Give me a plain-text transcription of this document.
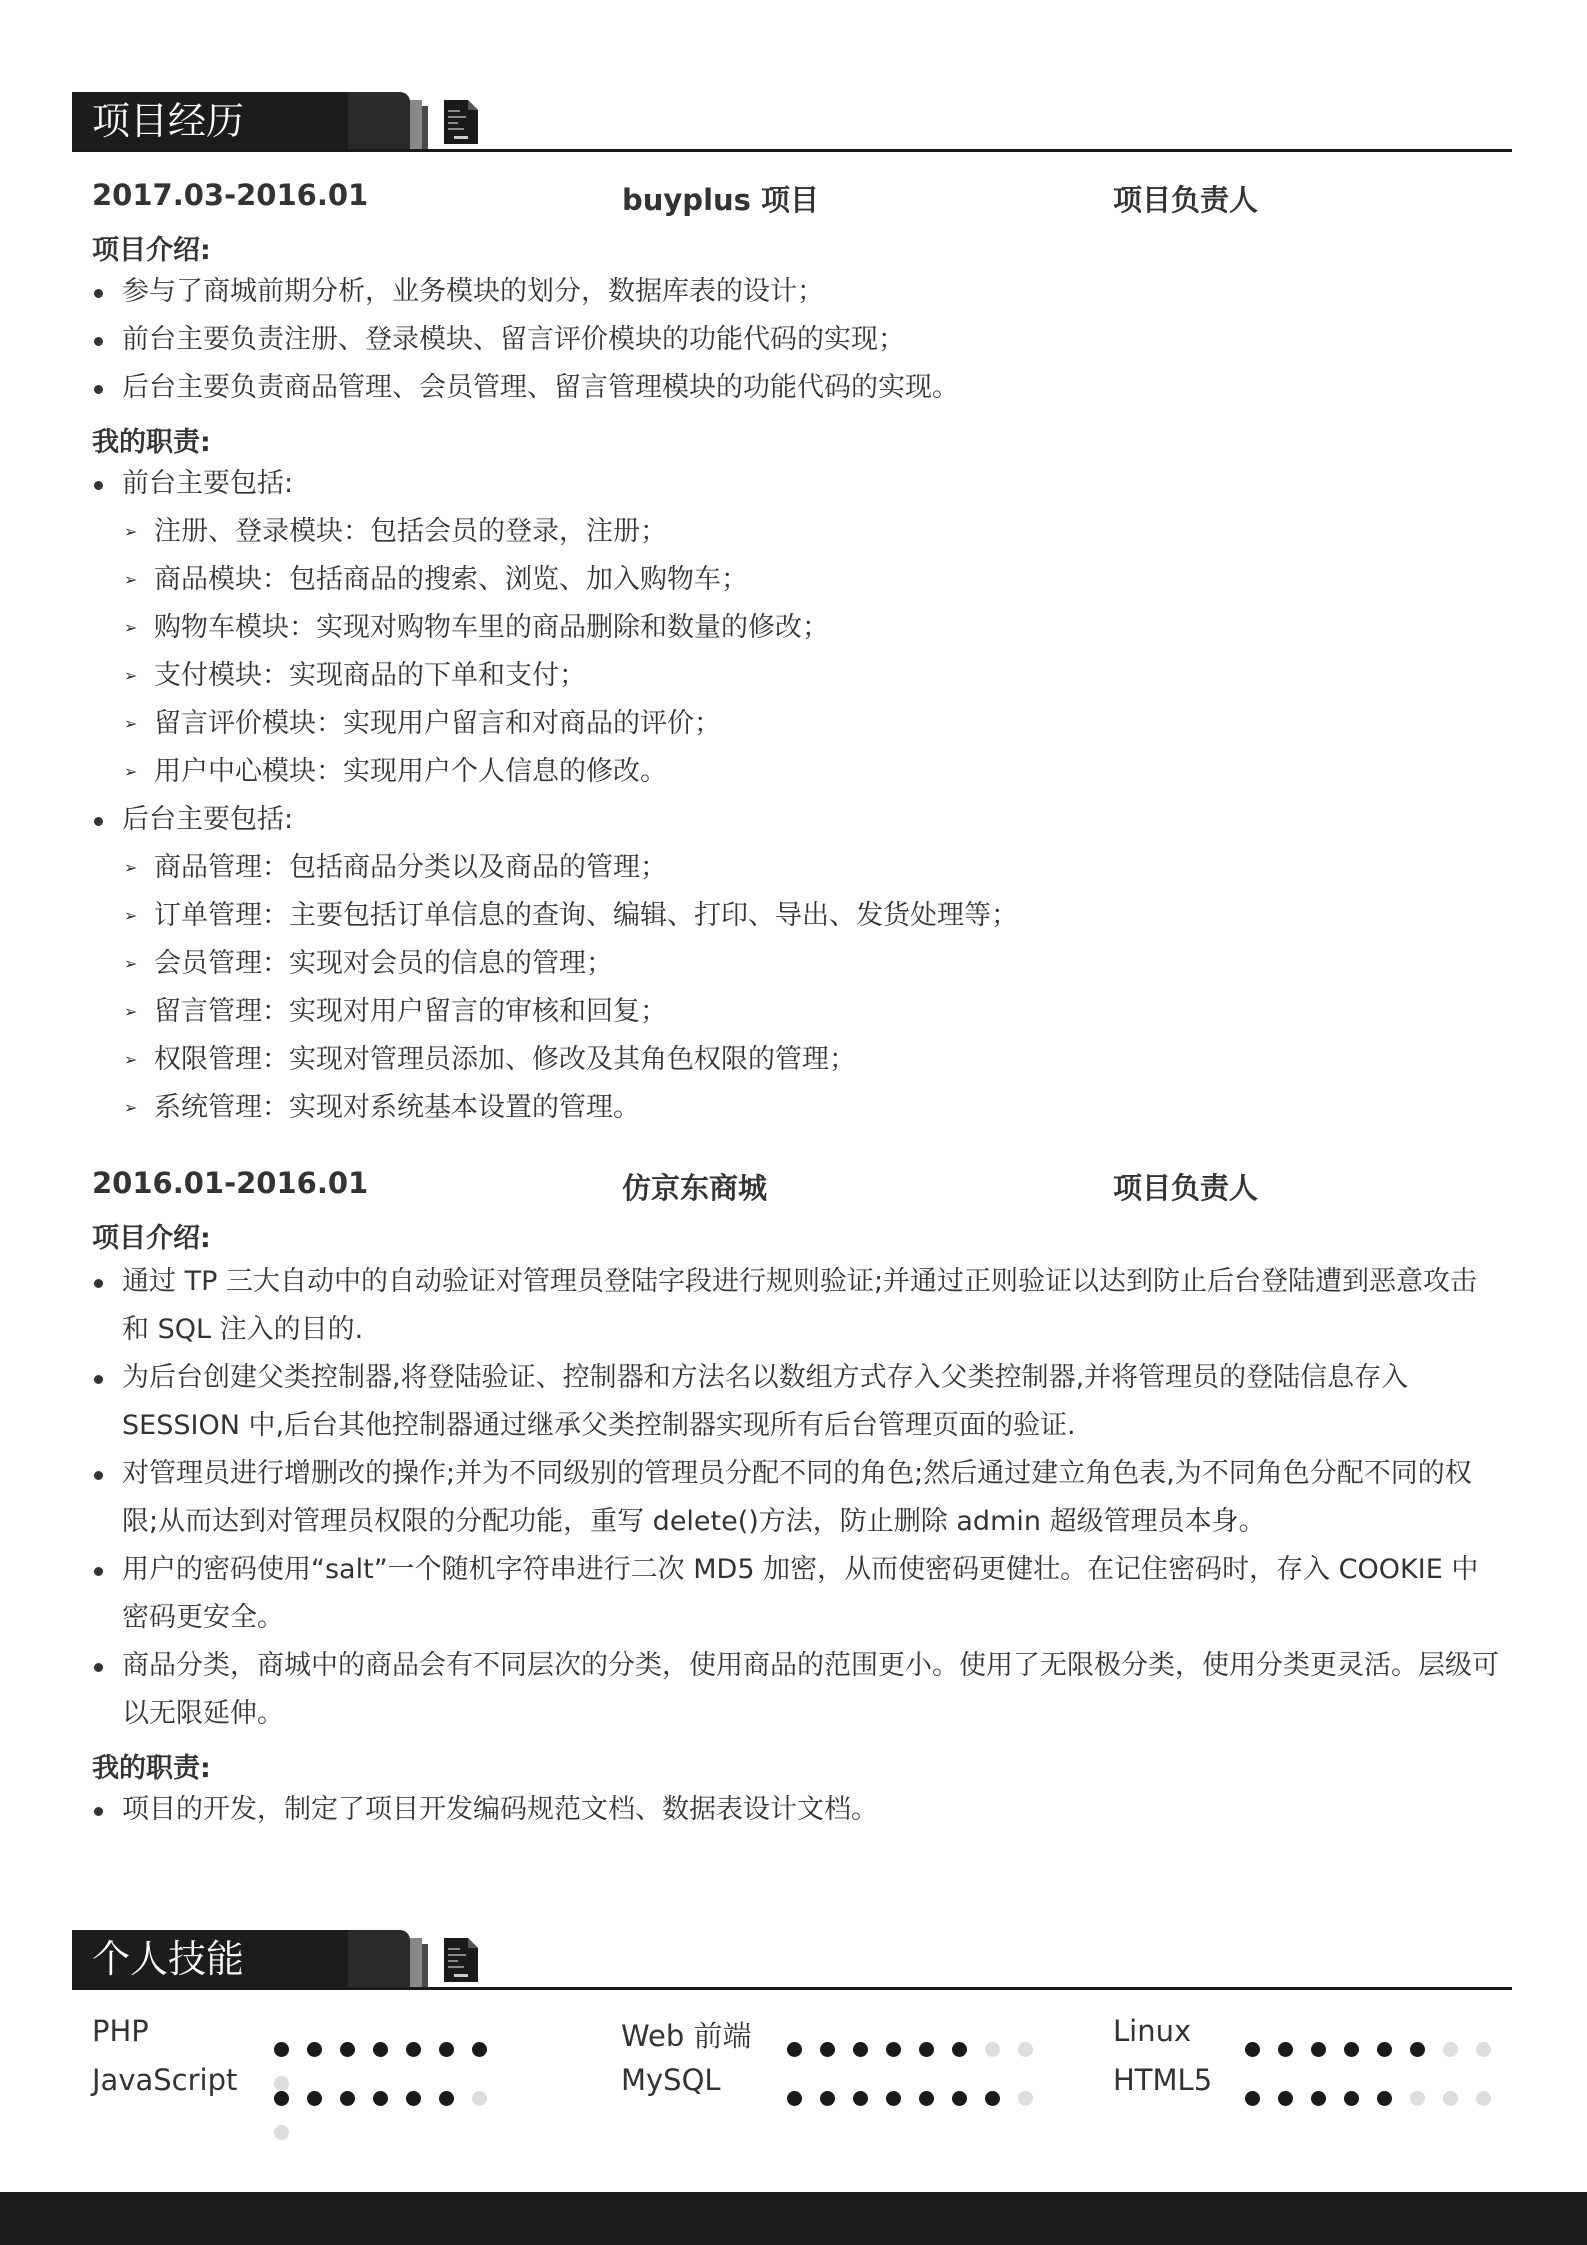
项目经历
2017.03-2016.01	buyplus 项目	项目负责人
项目介绍:
参与了商城前期分析，业务模块的划分，数据库表的设计；
前台主要负责注册、登录模块、留言评价模块的功能代码的实现；
后台主要负责商品管理、会员管理、留言管理模块的功能代码的实现。
我的职责:
前台主要包括:
➢ 注册、登录模块：包括会员的登录，注册；
➢ 商品模块：包括商品的搜索、浏览、加入购物车；
➢ 购物车模块：实现对购物车里的商品删除和数量的修改；
➢ 支付模块：实现商品的下单和支付；
➢ 留言评价模块：实现用户留言和对商品的评价；
➢ 用户中心模块：实现用户个人信息的修改。
后台主要包括:
➢ 商品管理：包括商品分类以及商品的管理；
➢ 订单管理：主要包括订单信息的查询、编辑、打印、导出、发货处理等；
➢ 会员管理：实现对会员的信息的管理；
➢ 留言管理：实现对用户留言的审核和回复；
➢ 权限管理：实现对管理员添加、修改及其角色权限的管理；
➢ 系统管理：实现对系统基本设置的管理。
2016.01-2016.01	仿京东商城	项目负责人
项目介绍:
通过 TP 三大自动中的自动验证对管理员登陆字段进行规则验证;并通过正则验证以达到防止后台登陆遭到恶意攻击和 SQL 注入的目的.
为后台创建父类控制器,将登陆验证、控制器和方法名以数组方式存入父类控制器,并将管理员的登陆信息存入 SESSION 中,后台其他控制器通过继承父类控制器实现所有后台管理页面的验证.
对管理员进行增删改的操作;并为不同级别的管理员分配不同的角色;然后通过建立角色表,为不同角色分配不同的权限;从而达到对管理员权限的分配功能，重写 delete()方法，防止删除 admin 超级管理员本身。
用户的密码使用“salt”一个随机字符串进行二次 MD5 加密，从而使密码更健壮。在记住密码时，存入 COOKIE 中密码更安全。
商品分类，商城中的商品会有不同层次的分类，使用商品的范围更小。使用了无限极分类，使用分类更灵活。层级可以无限延伸。
我的职责:
项目的开发，制定了项目开发编码规范文档、数据表设计文档。
个人技能
PHP	Web 前端	Linux
JavaScript	MySQL	HTML5
